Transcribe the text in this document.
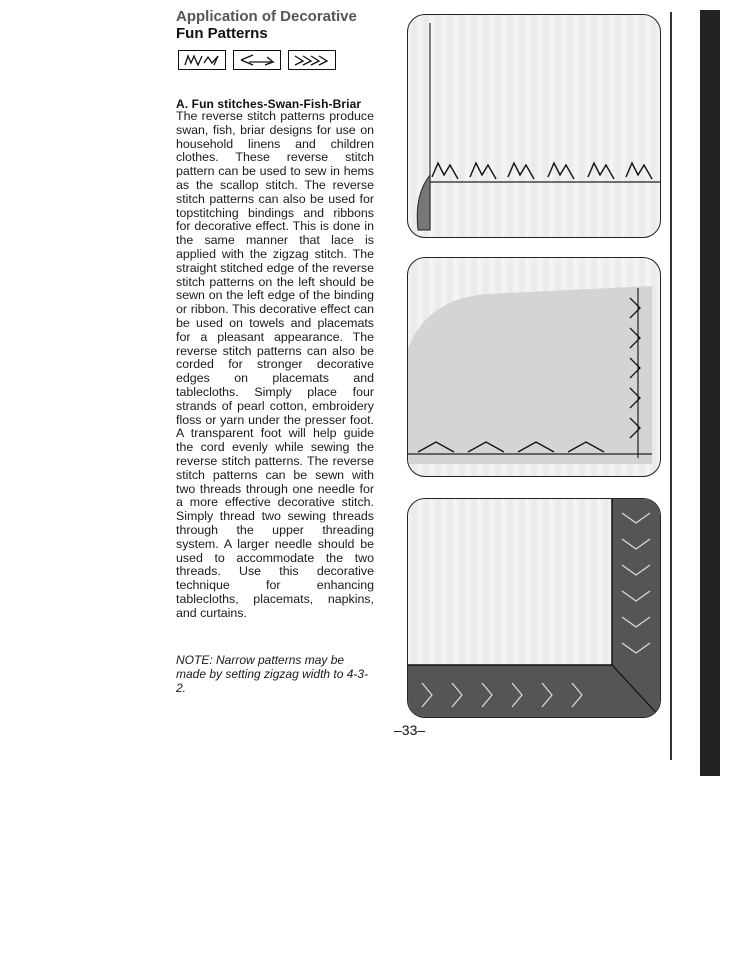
Application of Decorative
Fun Patterns
A. Fun stitches-Swan-Fish-Briar
The reverse stitch patterns produce swan, fish, briar designs for use on household linens and children clothes. These reverse stitch pattern can be used to sew in hems as the scallop stitch. The reverse stitch patterns can also be used for topstitching bindings and ribbons for decorative effect. This is done in the same manner that lace is applied with the zigzag stitch. The straight stitched edge of the reverse stitch patterns on the left should be sewn on the left edge of the binding or ribbon. This decorative effect can be used on towels and placemats for a pleasant appearance. The reverse stitch patterns can also be corded for stronger decorative edges on placemats and tablecloths. Simply place four strands of pearl cotton, embroidery floss or yarn under the presser foot. A transparent foot will help guide the cord evenly while sewing the reverse stitch patterns. The reverse stitch patterns can be sewn with two threads through one needle for a more effective decorative stitch. Simply thread two sewing threads through the upper threading system. A larger needle should be used to accommodate the two threads. Use this decorative technique for enhancing tablecloths, placemats, napkins, and curtains.
NOTE: Narrow patterns may be made by setting zigzag width to 4-3-2.
–33–
